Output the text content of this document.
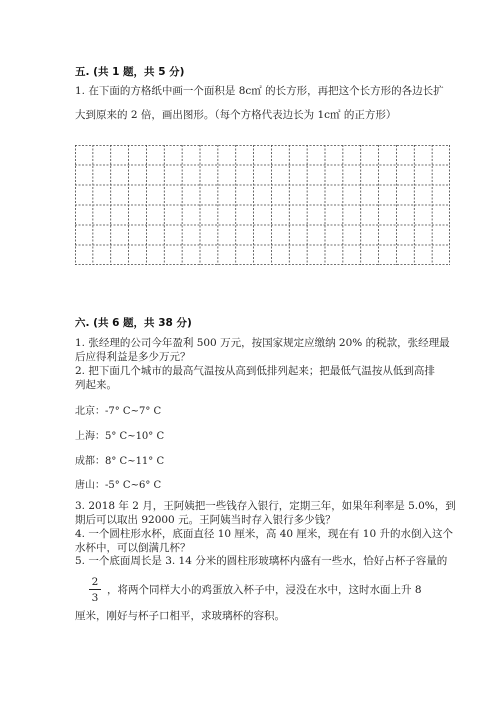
五. (共 1 题，共 5 分)
1. 在下面的方格纸中画一个面积是 8c㎡ 的长方形，再把这个长方形的各边长扩
大到原来的 2 倍，画出图形。（每个方格代表边长为 1c㎡ 的正方形）
六. (共 6 题，共 38 分)
1. 张经理的公司今年盈利 500 万元，按国家规定应缴纳 20% 的税款，张经理最
后应得利益是多少万元？
2. 把下面几个城市的最高气温按从高到低排列起来；把最低气温按从低到高排
列起来。
北京：-7° C~7° C
上海：5° C~10° C
成都：8° C~11° C
唐山：-5° C~6° C
3. 2018 年 2 月，王阿姨把一些钱存入银行，定期三年，如果年利率是 5.0%，到
期后可以取出 92000 元。王阿姨当时存入银行多少钱？
4. 一个圆柱形水杯，底面直径 10 厘米，高 40 厘米，现在有 10 升的水倒入这个
水杯中，可以倒满几杯？
5. 一个底面周长是 3. 14 分米的圆柱形玻璃杯内盛有一些水，恰好占杯子容量的
2
3
，将两个同样大小的鸡蛋放入杯子中，浸没在水中，这时水面上升 8
厘米，刚好与杯子口相平，求玻璃杯的容积。
